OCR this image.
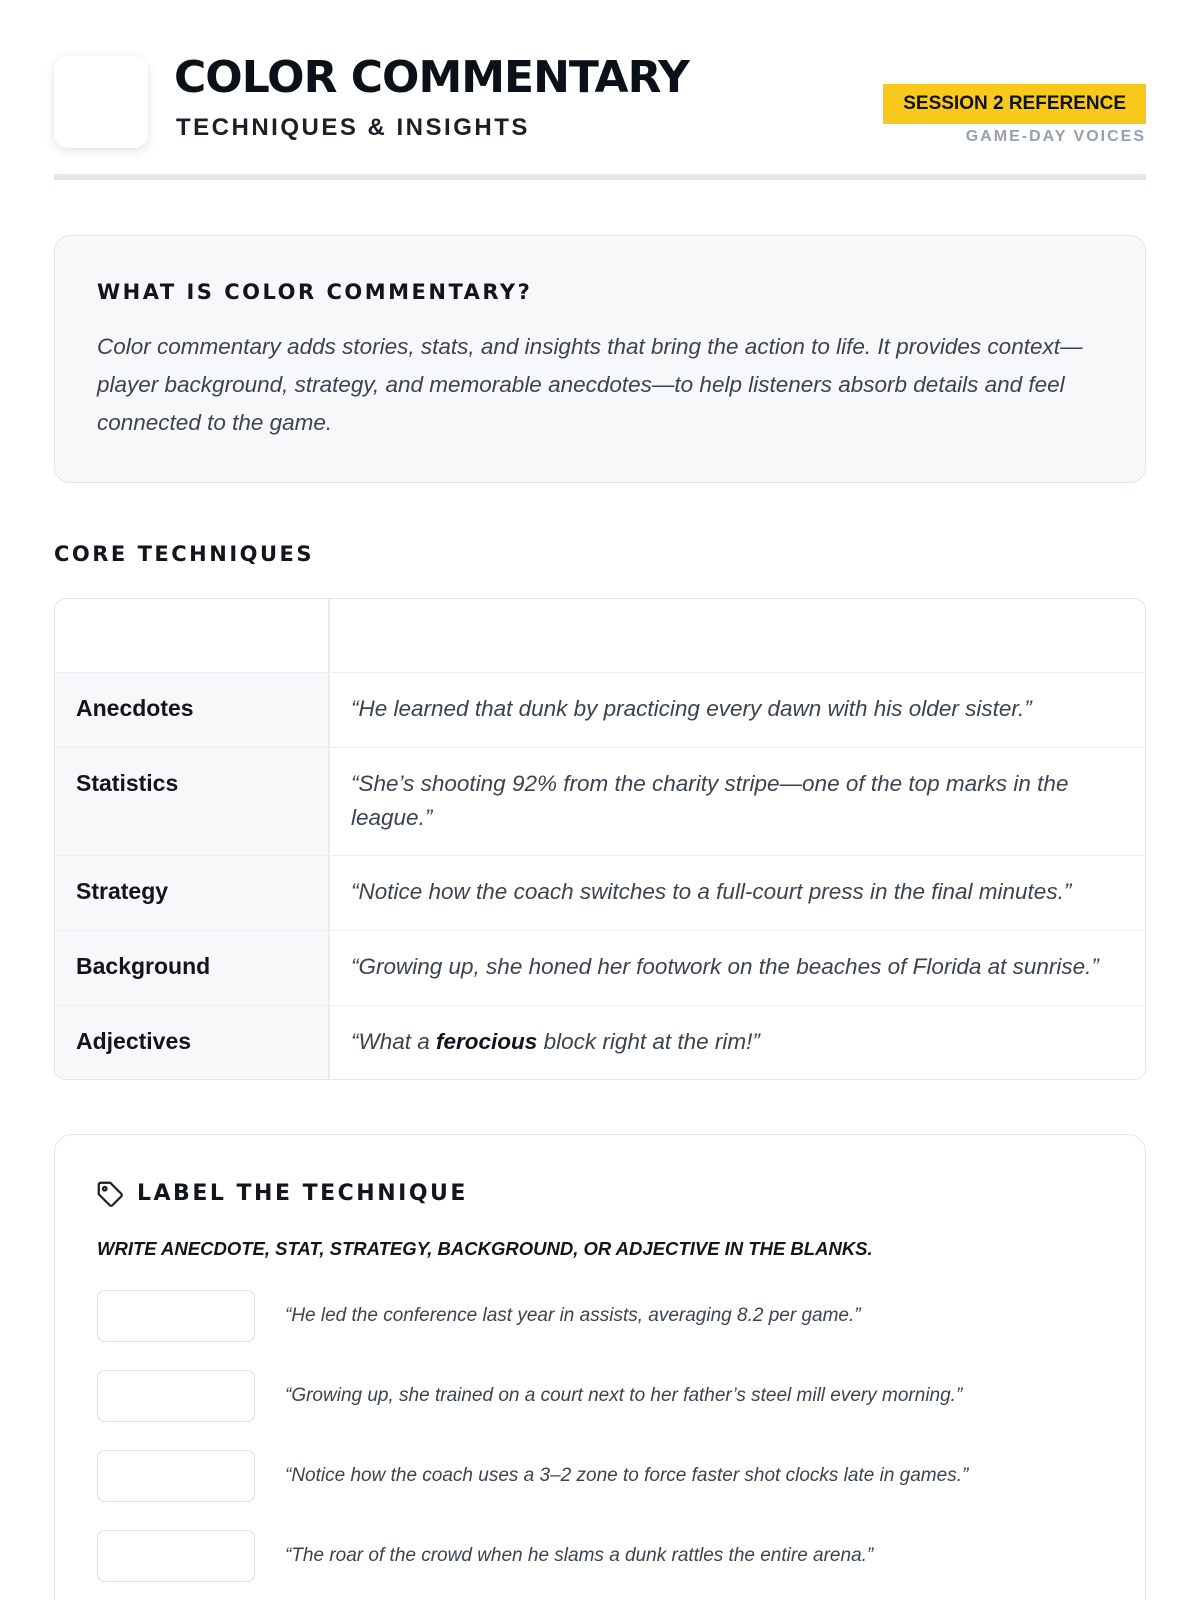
COLOR COMMENTARY
TECHNIQUES & INSIGHTS
SESSION 2 REFERENCE
GAME-DAY VOICES
WHAT IS COLOR COMMENTARY?
Color commentary adds stories, stats, and insights that bring the action to life. It provides context—player background, strategy, and memorable anecdotes—to help listeners absorb details and feel connected to the game.
CORE TECHNIQUES
Anecdotes	“He learned that dunk by practicing every dawn with his older sister.”
Statistics	“She’s shooting 92% from the charity stripe—one of the top marks in the league.”
Strategy	“Notice how the coach switches to a full-court press in the final minutes.”
Background	“Growing up, she honed her footwork on the beaches of Florida at sunrise.”
Adjectives	“What a ferocious block right at the rim!”
LABEL THE TECHNIQUE
WRITE ANECDOTE, STAT, STRATEGY, BACKGROUND, OR ADJECTIVE IN THE BLANKS.
“He led the conference last year in assists, averaging 8.2 per game.”
“Growing up, she trained on a court next to her father’s steel mill every morning.”
“Notice how the coach uses a 3–2 zone to force faster shot clocks late in games.”
“The roar of the crowd when he slams a dunk rattles the entire arena.”
